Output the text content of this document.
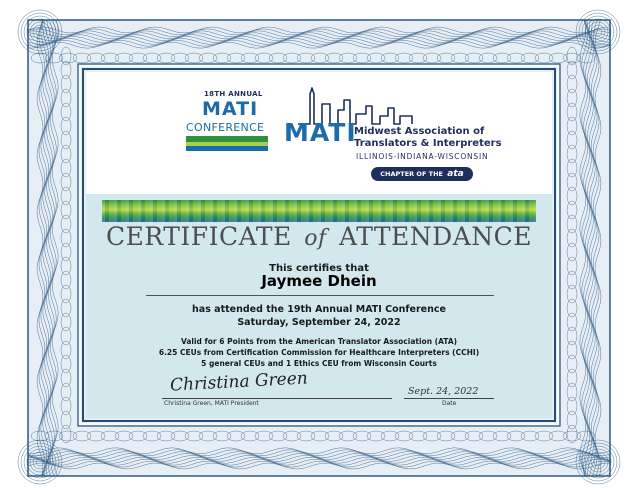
18TH ANNUAL
MATI
CONFERENCE MATI
Midwest Association of
Translators & Interpreters
ILLINOIS-INDIANA-WISCONSIN
CHAPTER OF THE ata
CERTIFICATE of ATTENDANCE
This certifies that
Jaymee Dhein
has attended the 19th Annual MATI Conference
Saturday, September 24, 2022
Valid for 6 Points from the American Translator Association (ATA)
6.25 CEUs from Certification Commission for Healthcare Interpreters (CCHI)
5 general CEUs and 1 Ethics CEU from Wisconsin Courts
Christina Green
Christina Green, MATI President
Sept. 24, 2022
Date
